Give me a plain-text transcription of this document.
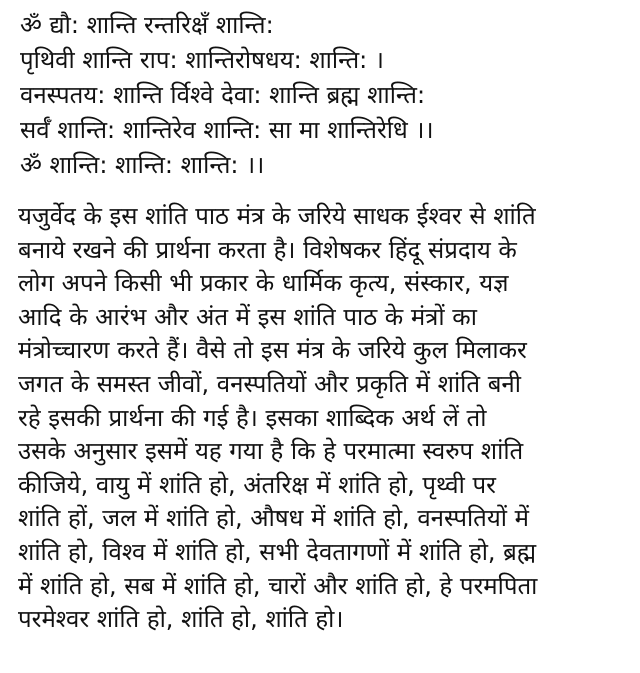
ॐ द्यौ: शान्ति रन्तरिक्षँ शान्ति:
पृथिवी शान्ति राप: शान्तिरोषधय: शान्ति: ।
वनस्पतय: शान्ति र्विश्वे देवा: शान्ति ब्रह्म शान्ति:
सर्वँ शान्ति: शान्तिरेव शान्ति: सा मा शान्तिरेधि ।।
ॐ शान्ति: शान्ति: शान्ति: ।।
यजुर्वेद के इस शांति पाठ मंत्र के जरिये साधक ईश्वर से शांति
बनाये रखने की प्रार्थना करता है। विशेषकर हिंदू संप्रदाय के
लोग अपने किसी भी प्रकार के धार्मिक कृत्य, संस्कार, यज्ञ
आदि के आरंभ और अंत में इस शांति पाठ के मंत्रों का
मंत्रोच्चारण करते हैं। वैसे तो इस मंत्र के जरिये कुल मिलाकर
जगत के समस्त जीवों, वनस्पतियों और प्रकृति में शांति बनी
रहे इसकी प्रार्थना की गई है। इसका शाब्दिक अर्थ लें तो
उसके अनुसार इसमें यह गया है कि हे परमात्मा स्वरुप शांति
कीजिये, वायु में शांति हो, अंतरिक्ष में शांति हो, पृथ्वी पर
शांति हों, जल में शांति हो, औषध में शांति हो, वनस्पतियों में
शांति हो, विश्व में शांति हो, सभी देवतागणों में शांति हो, ब्रह्म
में शांति हो, सब में शांति हो, चारों और शांति हो, हे परमपिता
परमेश्वर शांति हो, शांति हो, शांति हो।
